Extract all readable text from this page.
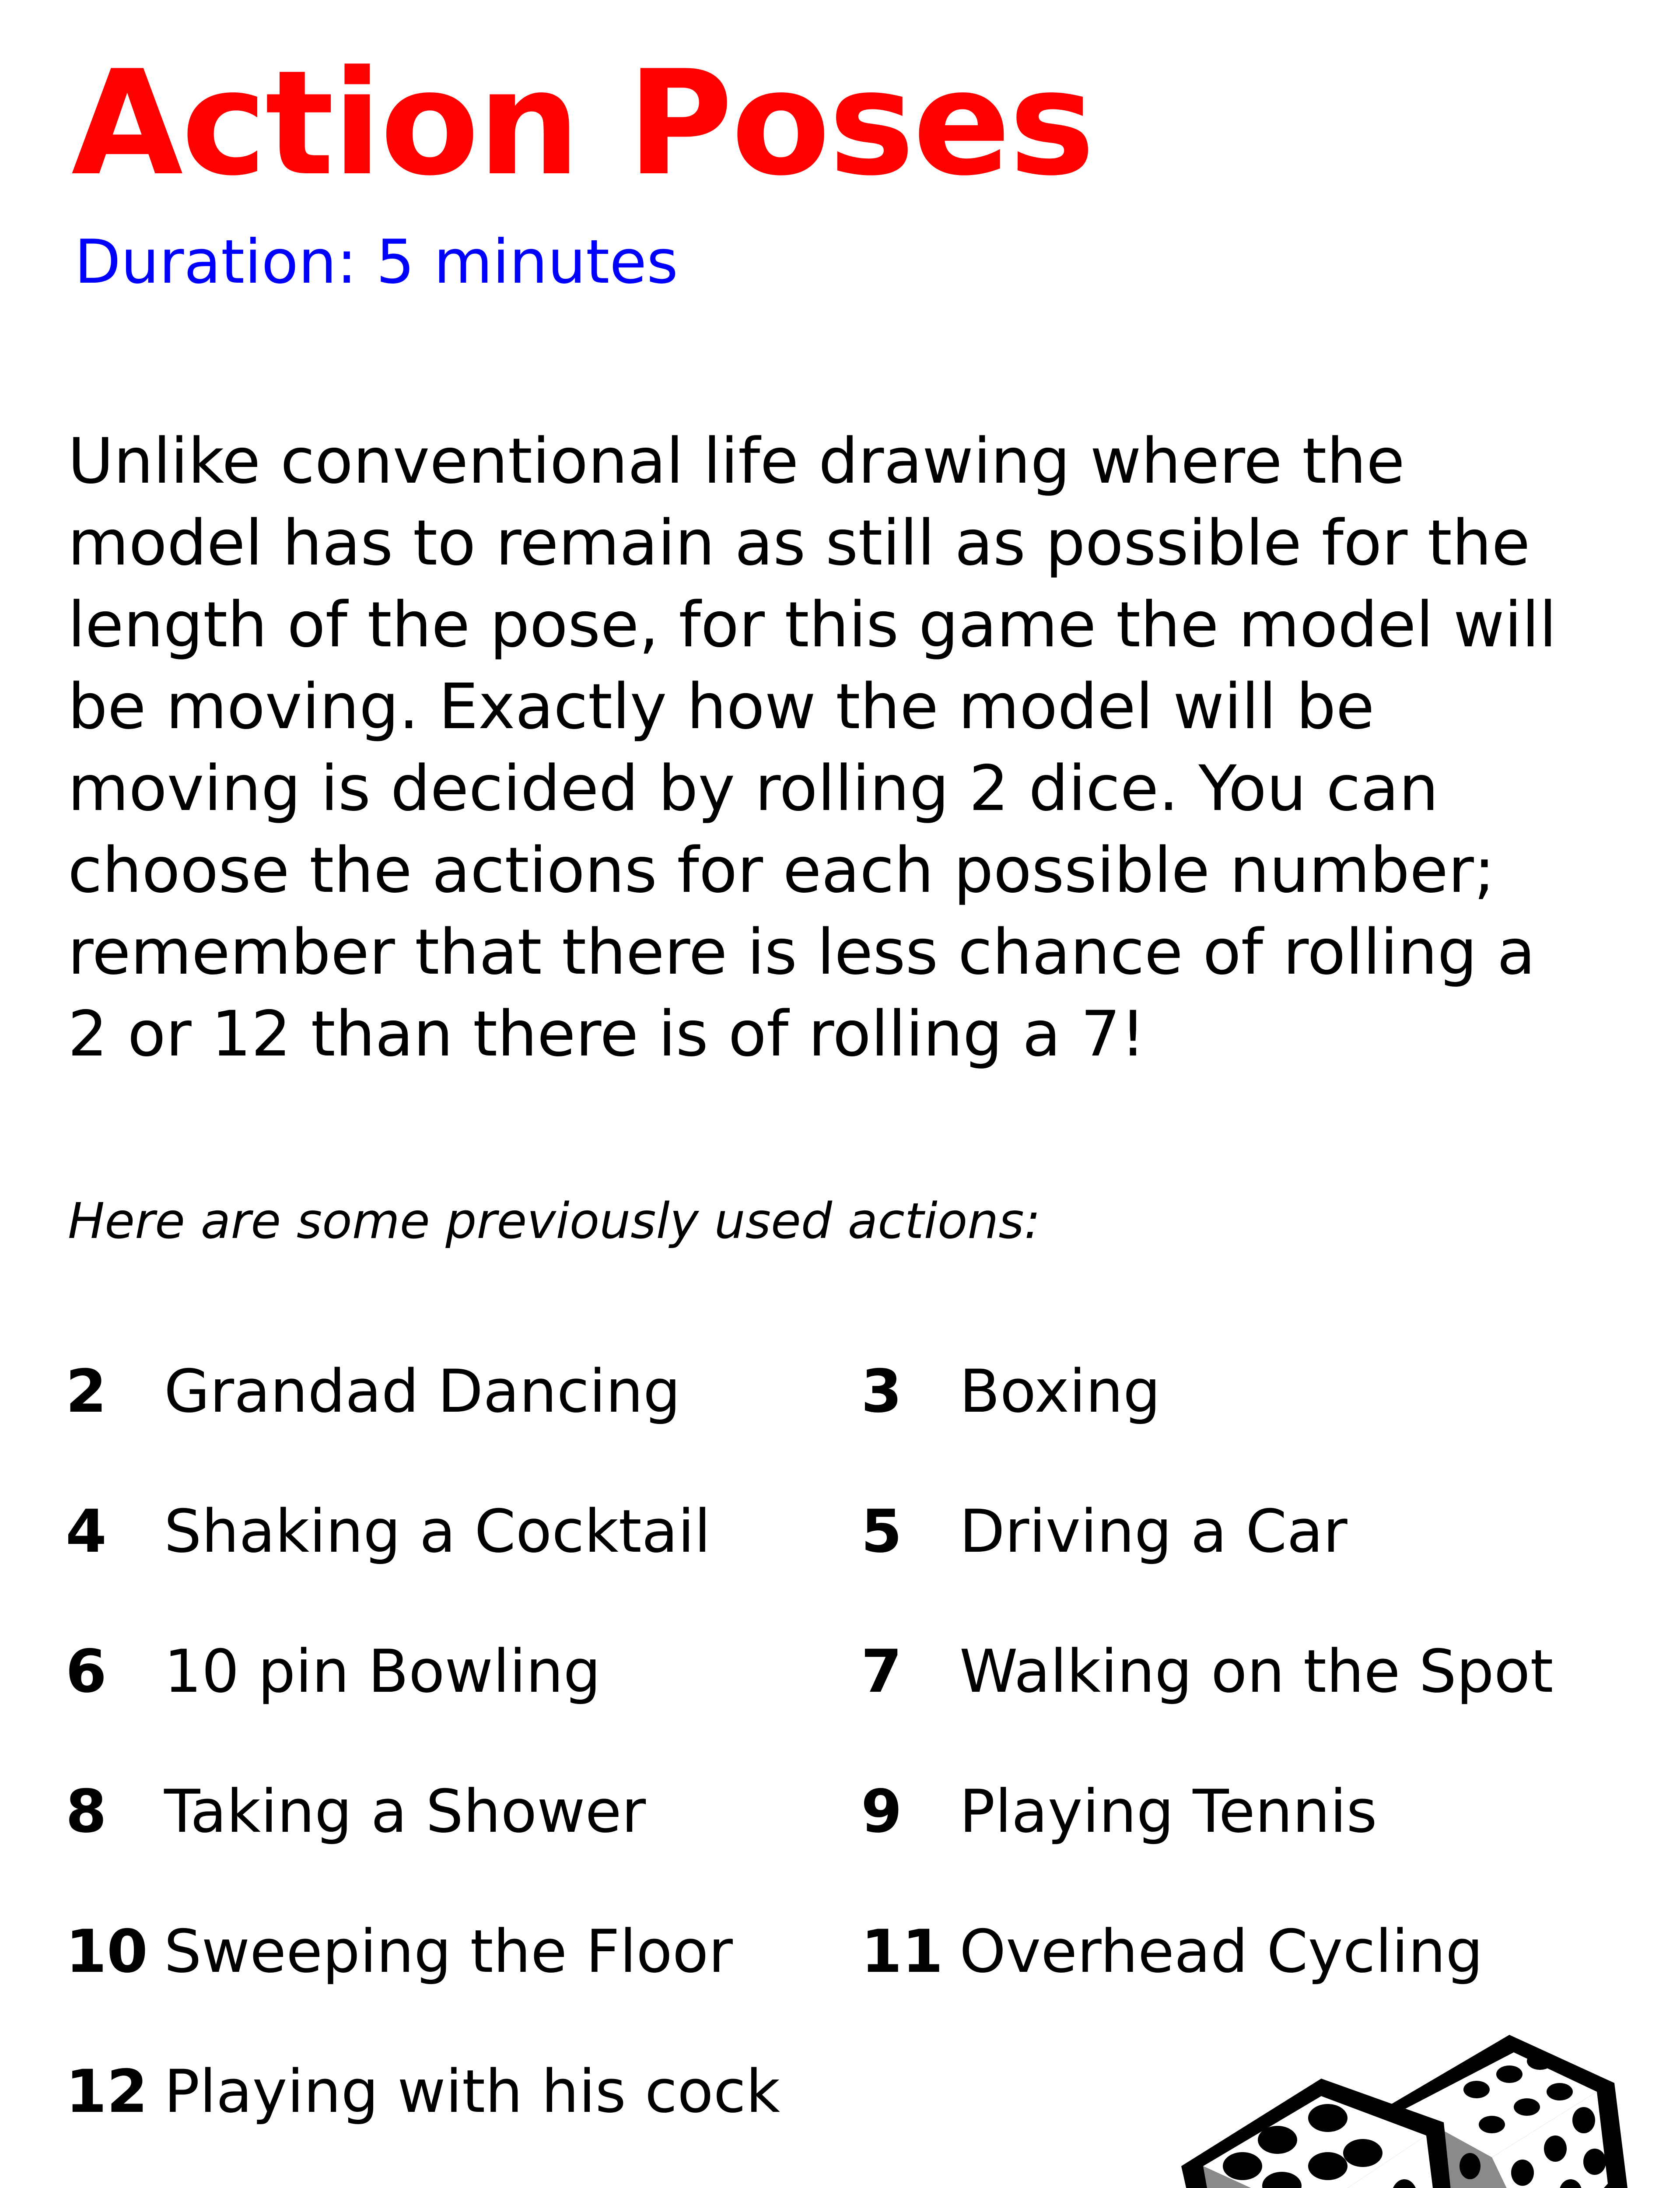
Action Poses
Duration: 5 minutes
Unlike conventional life drawing where the
model has to remain as still as possible for the
length of the pose, for this game the model will
be moving. Exactly how the model will be
moving is decided by rolling 2 dice. You can
choose the actions for each possible number;
remember that there is less chance of rolling a
2 or 12 than there is of rolling a 7!
Here are some previously used actions:
2 Grandad Dancing
4 Shaking a Cocktail
6 10 pin Bowling
8 Taking a Shower
10 Sweeping the Floor
12 Playing with his cock
3 Boxing
5 Driving a Car
7 Walking on the Spot
9 Playing Tennis
11 Overhead Cycling
